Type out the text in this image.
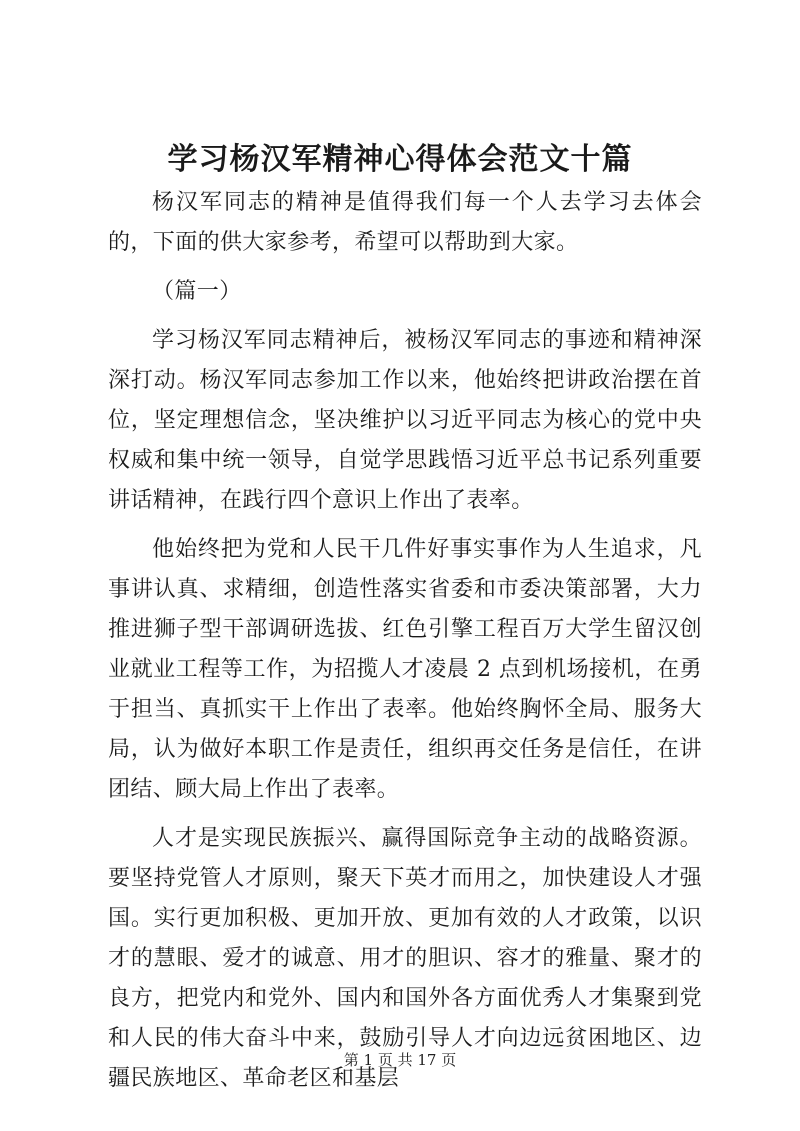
学习杨汉军精神心得体会范文十篇

杨汉军同志的精神是值得我们每一个人去学习去体会的，下面的供大家参考，希望可以帮助到大家。

（篇一）

学习杨汉军同志精神后，被杨汉军同志的事迹和精神深深打动。杨汉军同志参加工作以来，他始终把讲政治摆在首位，坚定理想信念，坚决维护以习近平同志为核心的党中央权威和集中统一领导，自觉学思践悟习近平总书记系列重要讲话精神，在践行四个意识上作出了表率。

他始终把为党和人民干几件好事实事作为人生追求，凡事讲认真、求精细，创造性落实省委和市委决策部署，大力推进狮子型干部调研选拔、红色引擎工程百万大学生留汉创业就业工程等工作，为招揽人才凌晨 2 点到机场接机，在勇于担当、真抓实干上作出了表率。他始终胸怀全局、服务大局，认为做好本职工作是责任，组织再交任务是信任，在讲团结、顾大局上作出了表率。

人才是实现民族振兴、赢得国际竞争主动的战略资源。要坚持党管人才原则，聚天下英才而用之，加快建设人才强国。实行更加积极、更加开放、更加有效的人才政策，以识才的慧眼、爱才的诚意、用才的胆识、容才的雅量、聚才的良方，把党内和党外、国内和国外各方面优秀人才集聚到党和人民的伟大奋斗中来，鼓励引导人才向边远贫困地区、边疆民族地区、革命老区和基层

第 1 页 共 17 页
